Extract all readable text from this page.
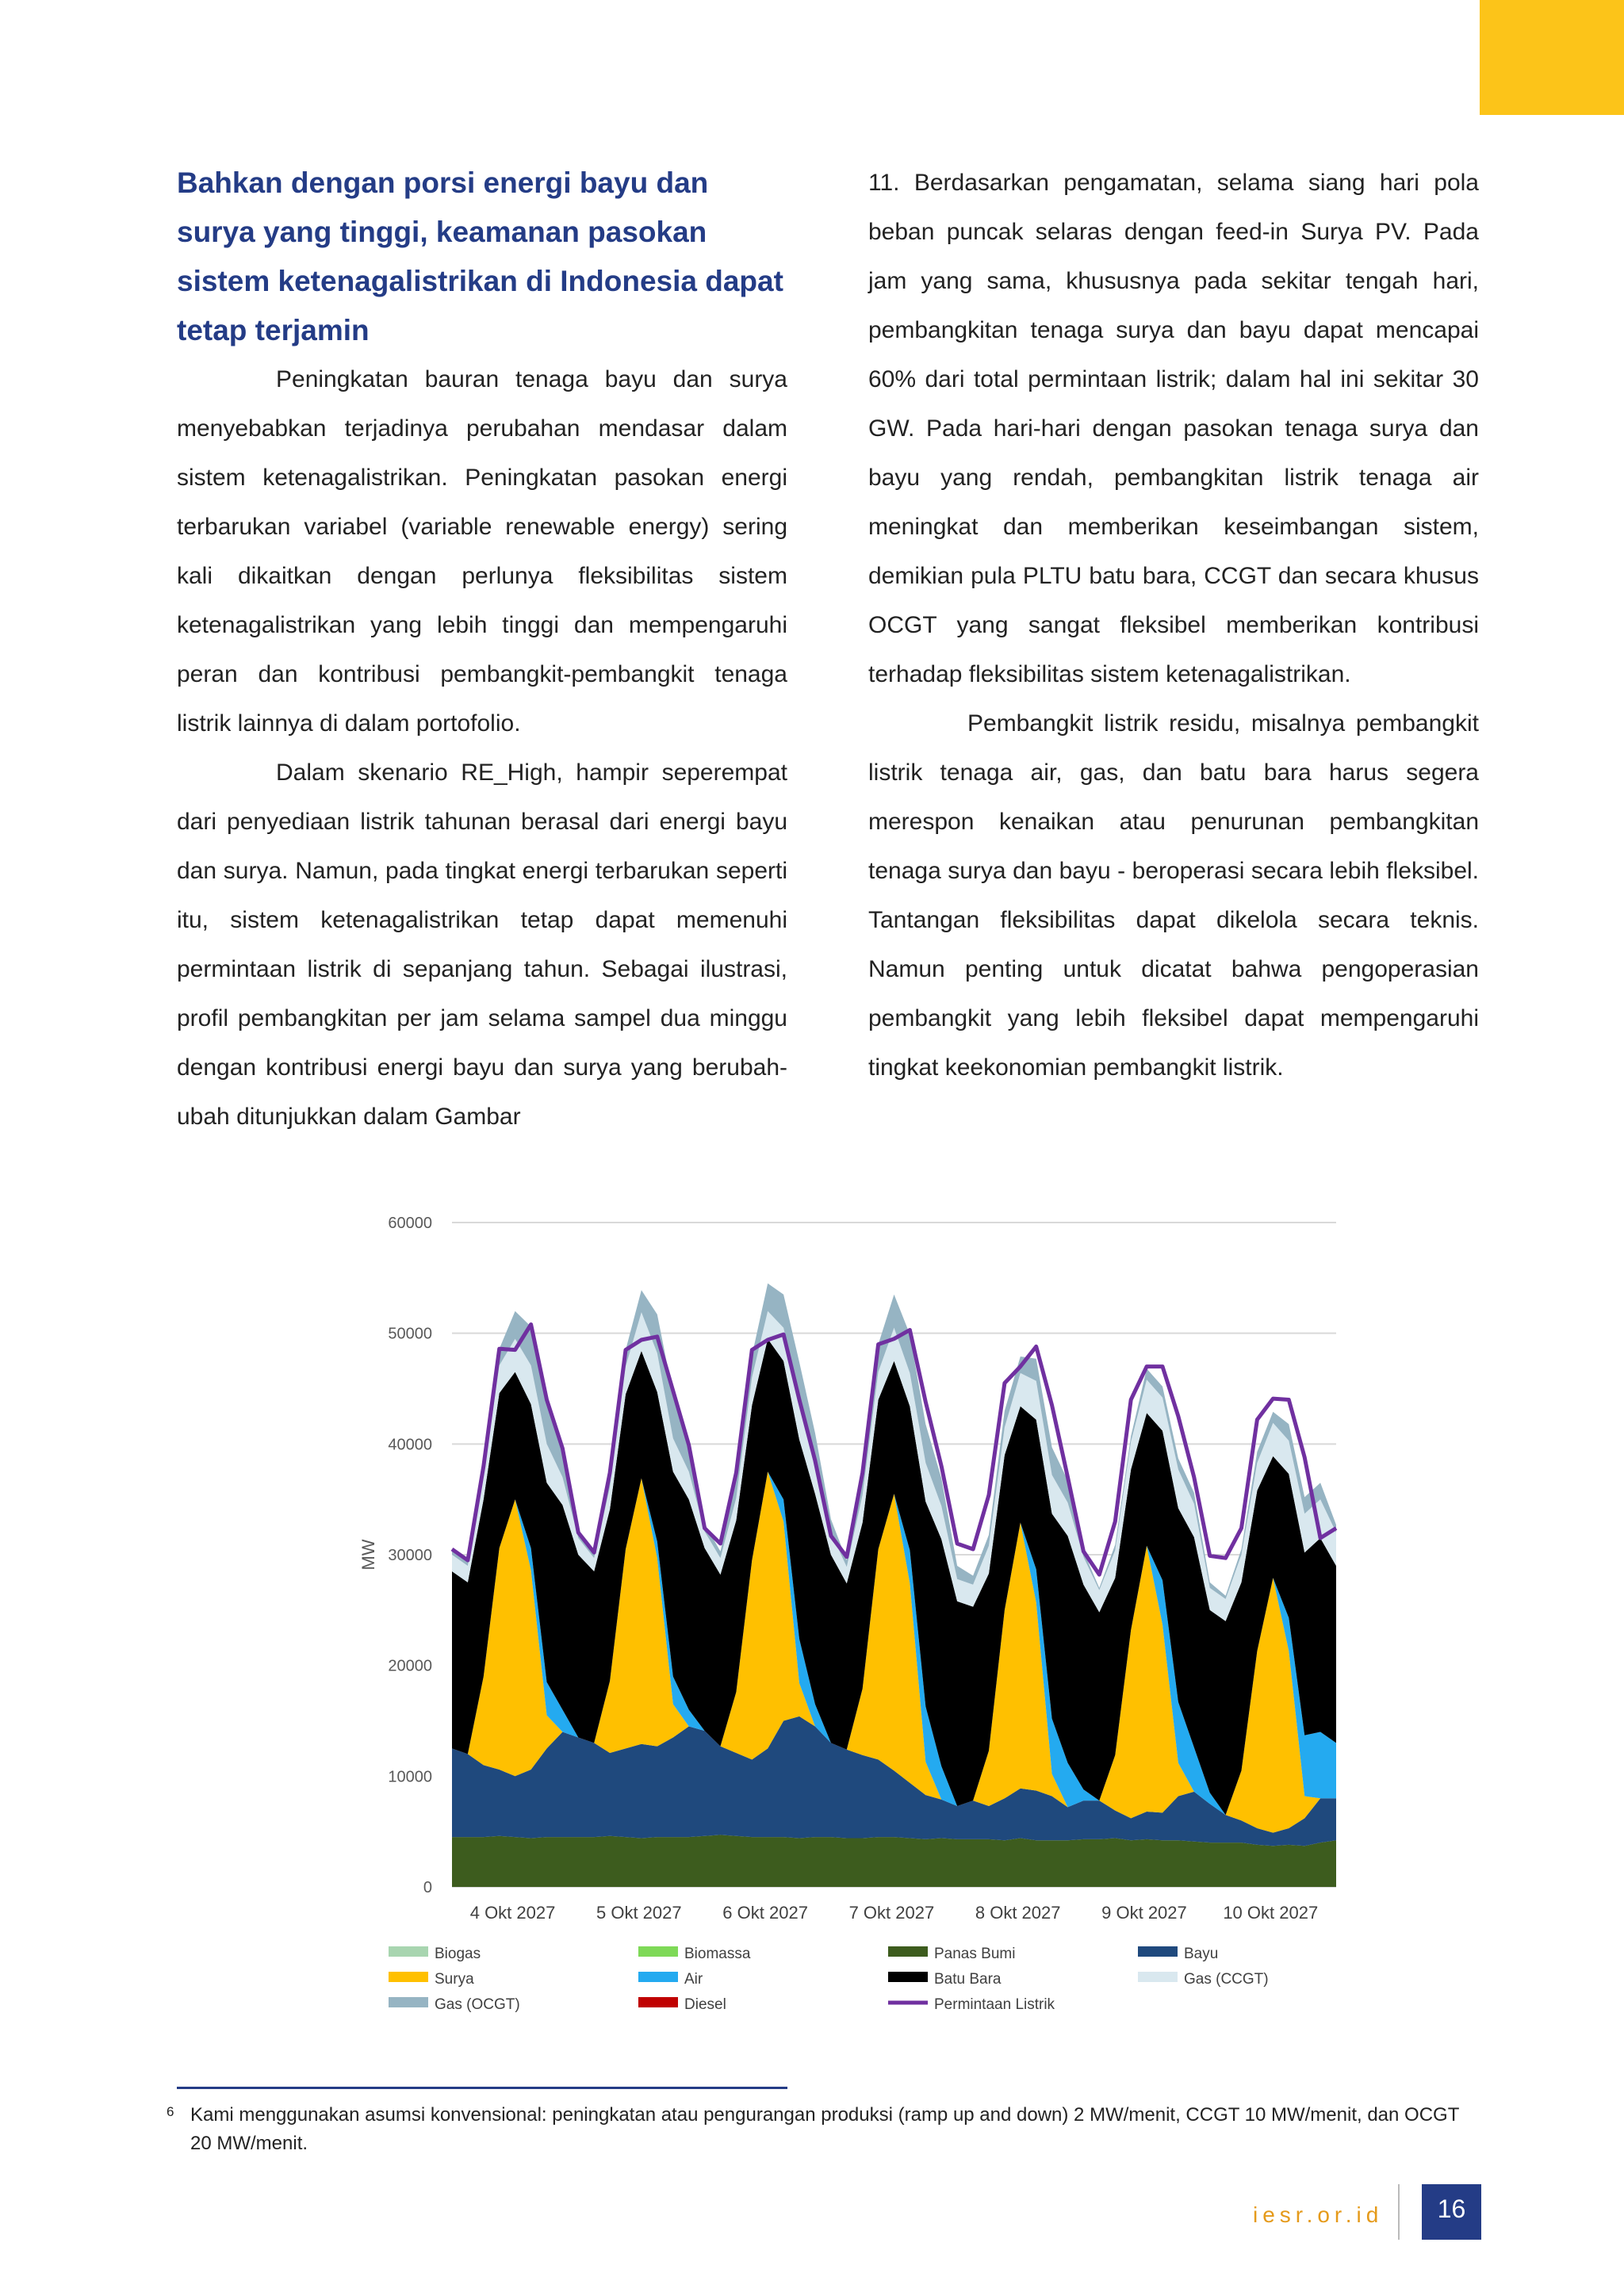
Bahkan dengan porsi energi bayu dan surya yang tinggi, keamanan pasokan sistem ketenagalistrikan di Indonesia dapat tetap terjamin

Peningkatan bauran tenaga bayu dan surya menyebabkan terjadinya perubahan mendasar dalam sistem ketenagalistrikan. Peningkatan pasokan energi terbarukan variabel (variable renewable energy) sering kali dikaitkan dengan perlunya fleksibilitas sistem ketenagalistrikan yang lebih tinggi dan mempengaruhi peran dan kontribusi pembangkit-pembangkit tenaga listrik lainnya di dalam portofolio.

Dalam skenario RE_High, hampir seperempat dari penyediaan listrik tahunan berasal dari energi bayu dan surya. Namun, pada tingkat energi terbarukan seperti itu, sistem ketenagalistrikan tetap dapat memenuhi permintaan listrik di sepanjang tahun. Sebagai ilustrasi, profil pembangkitan per jam selama sampel dua minggu dengan kontribusi energi bayu dan surya yang berubah-ubah ditunjukkan dalam Gambar

11. Berdasarkan pengamatan, selama siang hari pola beban puncak selaras dengan feed-in Surya PV. Pada jam yang sama, khususnya pada sekitar tengah hari, pembangkitan tenaga surya dan bayu dapat mencapai 60% dari total permintaan listrik; dalam hal ini sekitar 30 GW. Pada hari-hari dengan pasokan tenaga surya dan bayu yang rendah, pembangkitan listrik tenaga air meningkat dan memberikan keseimbangan sistem, demikian pula PLTU batu bara, CCGT dan secara khusus OCGT yang sangat fleksibel memberikan kontribusi terhadap fleksibilitas sistem ketenagalistrikan.

Pembangkit listrik residu, misalnya pembangkit listrik tenaga air, gas, dan batu bara harus segera merespon kenaikan atau penurunan pembangkitan tenaga surya dan bayu - beroperasi secara lebih fleksibel. Tantangan fleksibilitas dapat dikelola secara teknis. Namun penting untuk dicatat bahwa pengoperasian pembangkit yang lebih fleksibel dapat mempengaruhi tingkat keekonomian pembangkit listrik.

0
10000
20000
30000
40000
50000
60000
MW
4 Okt 2027 5 Okt 2027 6 Okt 2027 7 Okt 2027 8 Okt 2027 9 Okt 2027 10 Okt 2027
Biogas	Biomassa	Panas Bumi	Bayu
Surya	Air	Batu Bara	Gas (CCGT)
Gas (OCGT)	Diesel	Permintaan Listrik
6 Kami menggunakan asumsi konvensional: peningkatan atau pengurangan produksi (ramp up and down) 2 MW/menit, CCGT 10 MW/menit, dan OCGT 20 MW/menit.
iesr.or.id	16
